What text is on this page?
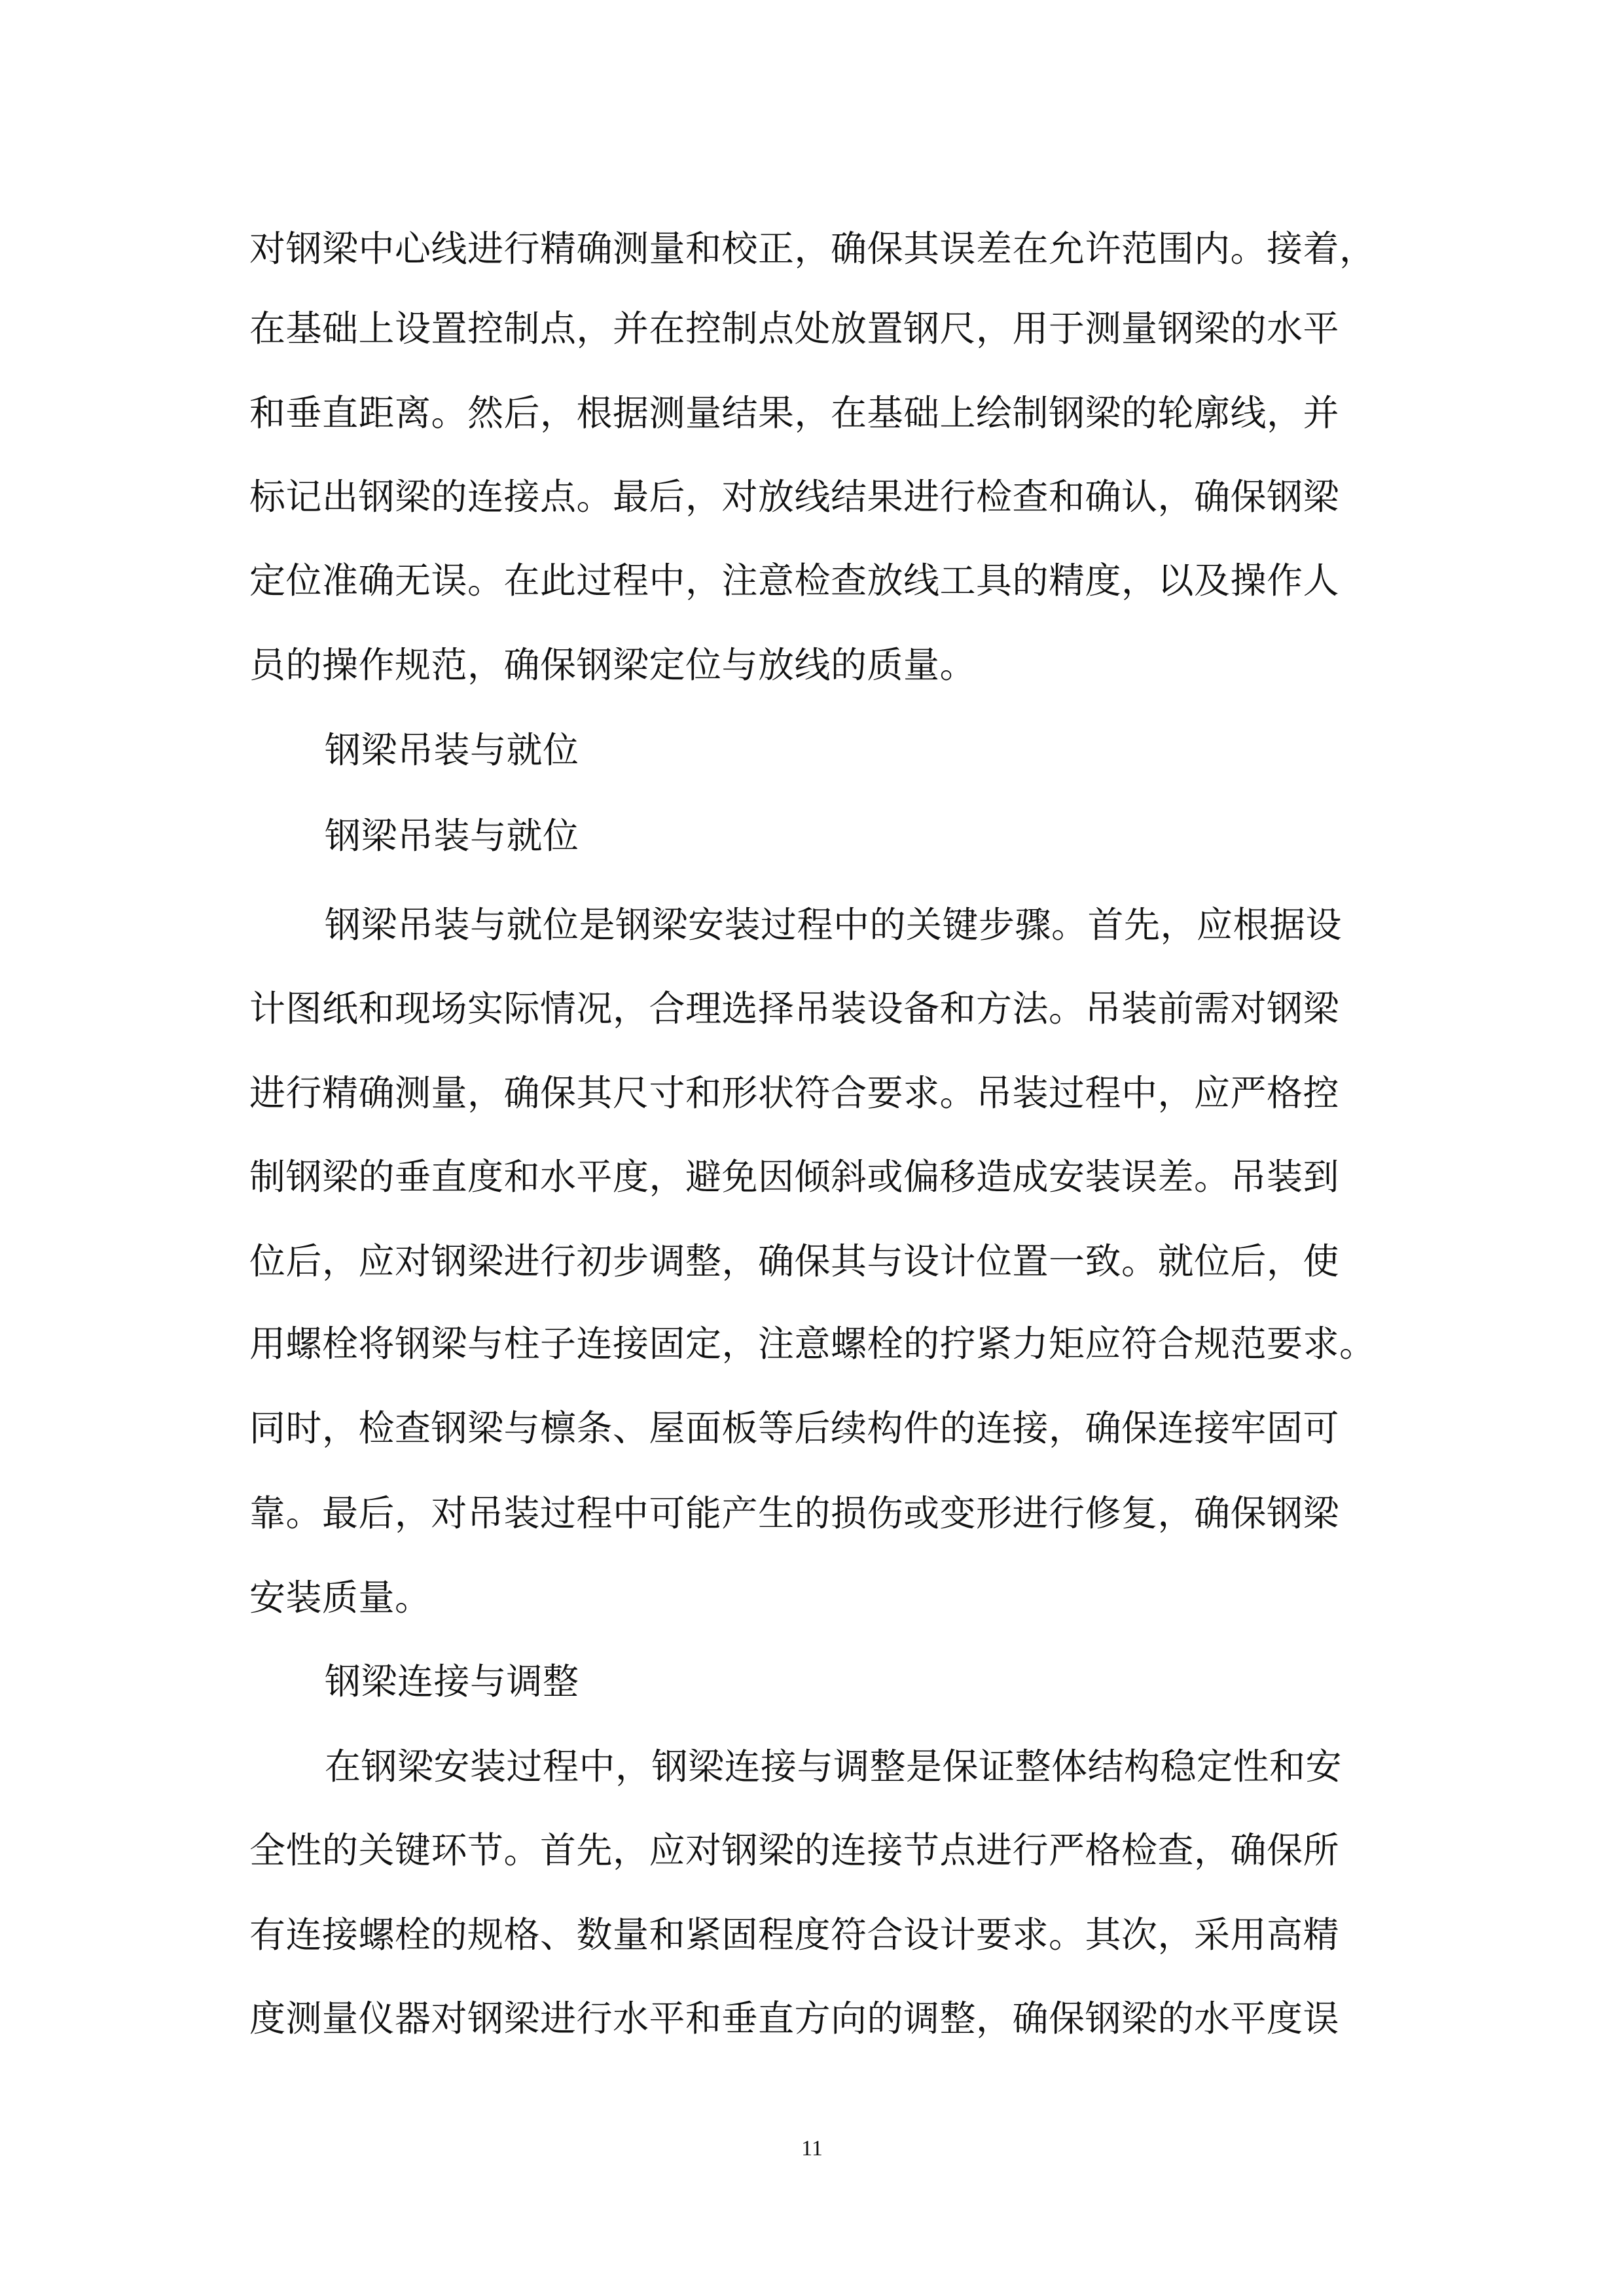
对钢梁中心线进行精确测量和校正，确保其误差在允许范围内。接着，
在基础上设置控制点，并在控制点处放置钢尺，用于测量钢梁的水平
和垂直距离。然后，根据测量结果，在基础上绘制钢梁的轮廓线，并
标记出钢梁的连接点。最后，对放线结果进行检查和确认，确保钢梁
定位准确无误。在此过程中，注意检查放线工具的精度，以及操作人
员的操作规范，确保钢梁定位与放线的质量。
钢梁吊装与就位
钢梁吊装与就位
钢梁吊装与就位是钢梁安装过程中的关键步骤。首先，应根据设
计图纸和现场实际情况，合理选择吊装设备和方法。吊装前需对钢梁
进行精确测量，确保其尺寸和形状符合要求。吊装过程中，应严格控
制钢梁的垂直度和水平度，避免因倾斜或偏移造成安装误差。吊装到
位后，应对钢梁进行初步调整，确保其与设计位置一致。就位后，使
用螺栓将钢梁与柱子连接固定，注意螺栓的拧紧力矩应符合规范要求。
同时，检查钢梁与檩条、屋面板等后续构件的连接，确保连接牢固可
靠。最后，对吊装过程中可能产生的损伤或变形进行修复，确保钢梁
安装质量。
钢梁连接与调整
在钢梁安装过程中，钢梁连接与调整是保证整体结构稳定性和安
全性的关键环节。首先，应对钢梁的连接节点进行严格检查，确保所
有连接螺栓的规格、数量和紧固程度符合设计要求。其次，采用高精
度测量仪器对钢梁进行水平和垂直方向的调整，确保钢梁的水平度误
11
